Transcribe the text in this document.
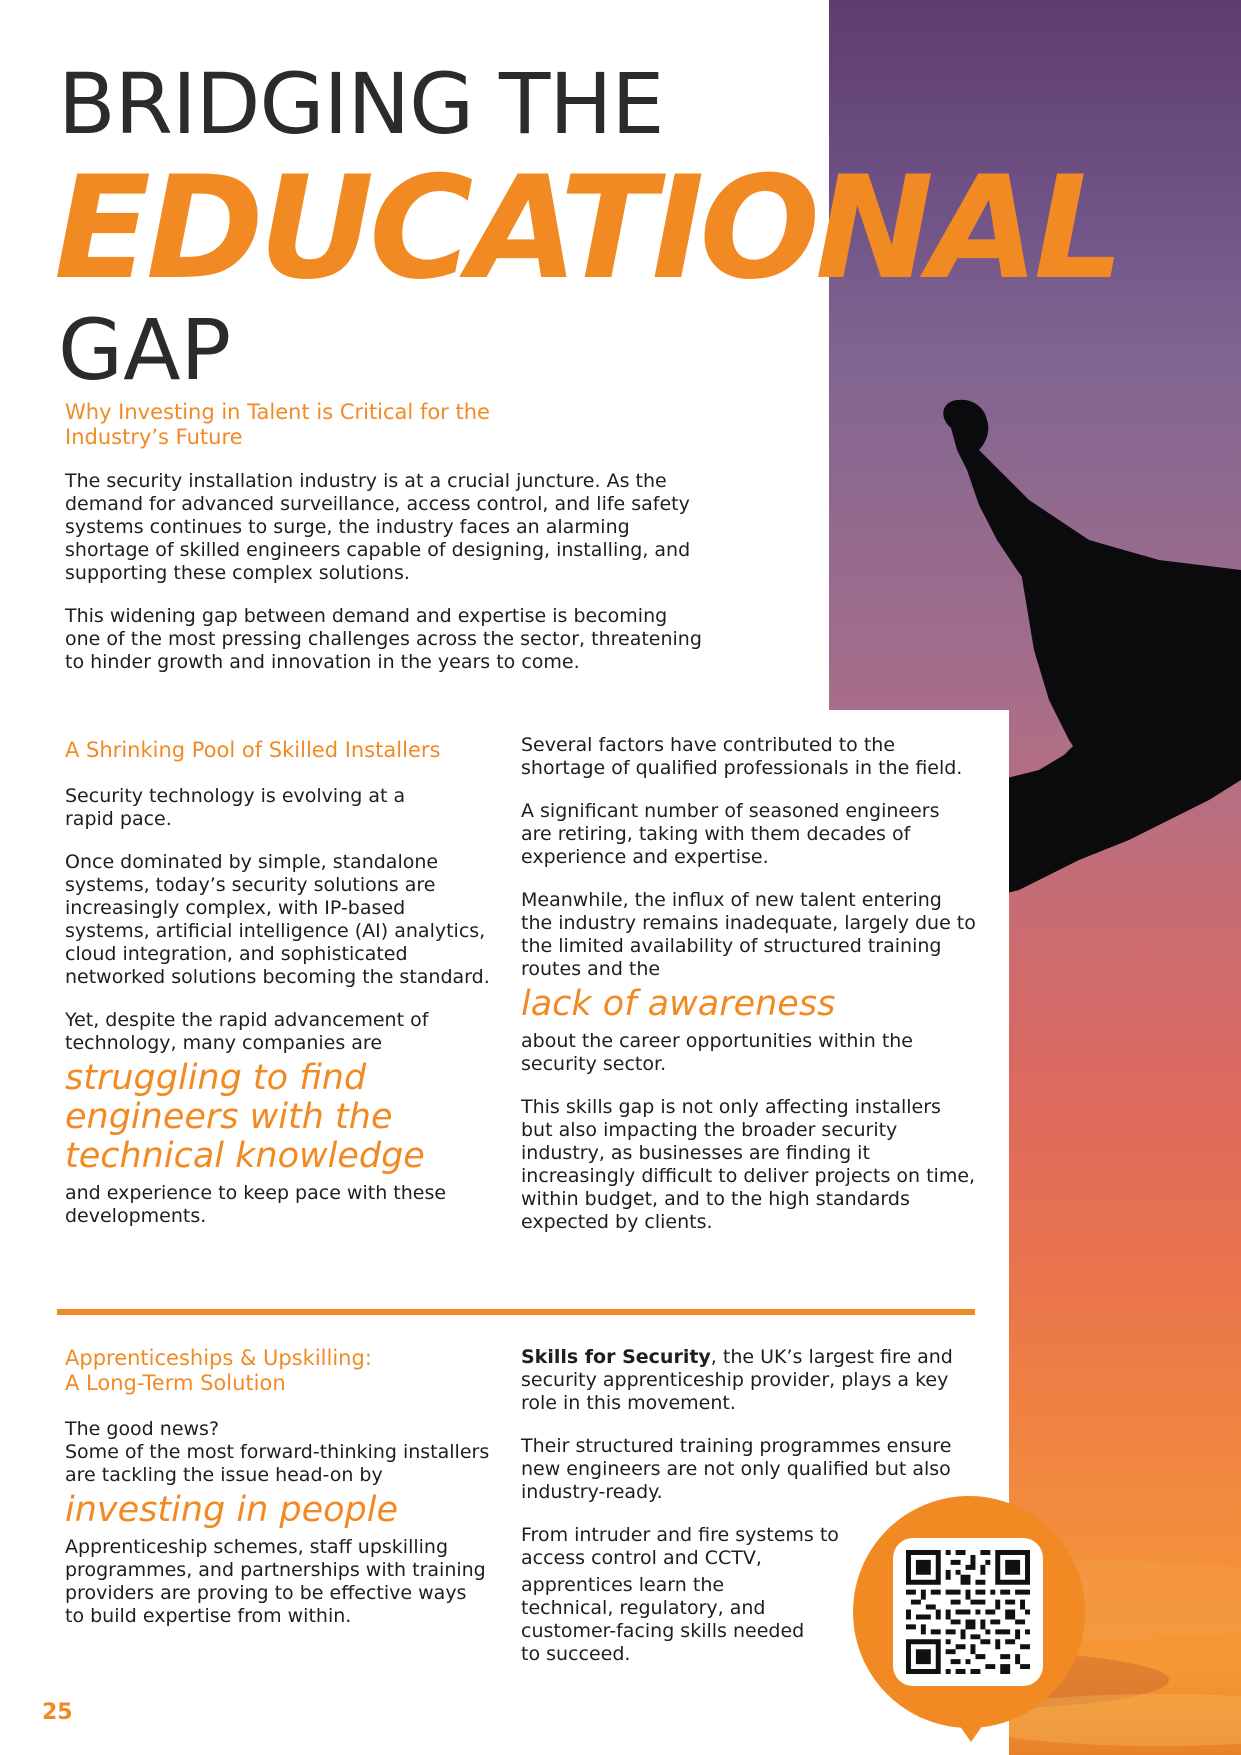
BRIDGING THE
EDUCATIONAL
GAP
Why Investing in Talent is Critical for the Industry’s Future
The security installation industry is at a crucial juncture. As the demand for advanced surveillance, access control, and life safety systems continues to surge, the industry faces an alarming shortage of skilled engineers capable of designing, installing, and supporting these complex solutions.
This widening gap between demand and expertise is becoming one of the most pressing challenges across the sector, threatening to hinder growth and innovation in the years to come.
A Shrinking Pool of Skilled Installers
Security technology is evolving at a rapid pace.
Once dominated by simple, standalone systems, today’s security solutions are increasingly complex, with IP-based systems, artificial intelligence (AI) analytics, cloud integration, and sophisticated networked solutions becoming the standard.
Yet, despite the rapid advancement of technology, many companies are
struggling to find engineers with the technical knowledge
and experience to keep pace with these developments.
Several factors have contributed to the shortage of qualified professionals in the field.
A significant number of seasoned engineers are retiring, taking with them decades of experience and expertise.
Meanwhile, the influx of new talent entering the industry remains inadequate, largely due to the limited availability of structured training routes and the
lack of awareness
about the career opportunities within the security sector.
This skills gap is not only affecting installers but also impacting the broader security industry, as businesses are finding it increasingly difficult to deliver projects on time, within budget, and to the high standards expected by clients.
Apprenticeships & Upskilling:
A Long-Term Solution
The good news?
Some of the most forward-thinking installers are tackling the issue head-on by
investing in people
Apprenticeship schemes, staff upskilling programmes, and partnerships with training providers are proving to be effective ways to build expertise from within.
Skills for Security, the UK’s largest fire and security apprenticeship provider, plays a key role in this movement.
Their structured training programmes ensure new engineers are not only qualified but also industry-ready.
From intruder and fire systems to access control and CCTV,
apprentices learn the technical, regulatory, and customer-facing skills needed to succeed.
25
